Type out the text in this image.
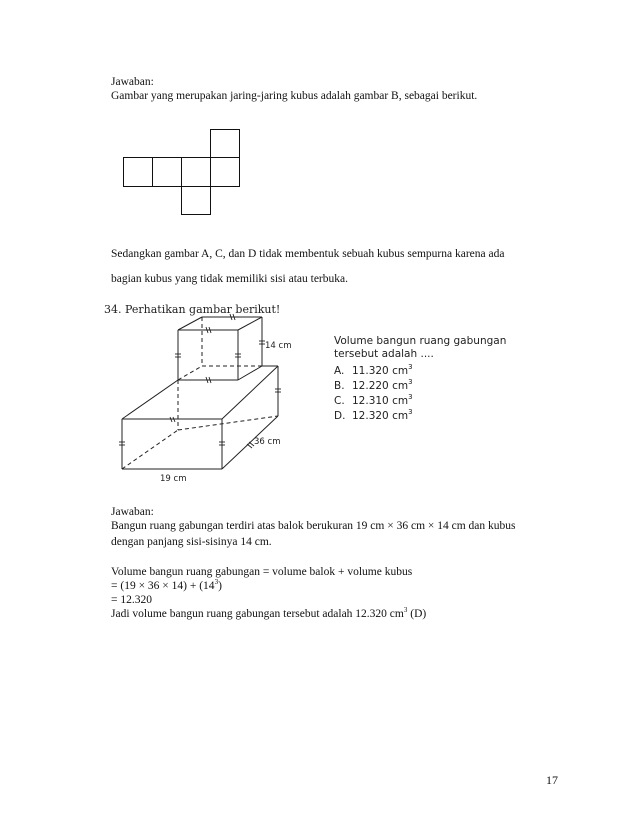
Jawaban:
Gambar yang merupakan jaring-jaring kubus adalah gambar B, sebagai berikut.
Sedangkan gambar A, C, dan D tidak membentuk sebuah kubus sempurna karena ada
bagian kubus yang tidak memiliki sisi atau terbuka.
34. Perhatikan gambar berikut!
14 cm
36 cm
19 cm
Volume bangun ruang gabungan
tersebut adalah ....
A. 11.320 $cm^3$
B. 12.220 $cm^3$
C. 12.310 $cm^3$
D. 12.320 $cm^3$
Jawaban:
Bangun ruang gabungan terdiri atas balok berukuran 19 cm × 36 cm × 14 cm dan kubus
dengan panjang sisi-sisinya 14 cm.
Volume bangun ruang gabungan = volume balok + volume kubus
= $(19 \times 36 \times 14) + (14^3)$
= 12.320
Jadi volume bangun ruang gabungan tersebut adalah 12.320 $cm^3$ (D)
17
